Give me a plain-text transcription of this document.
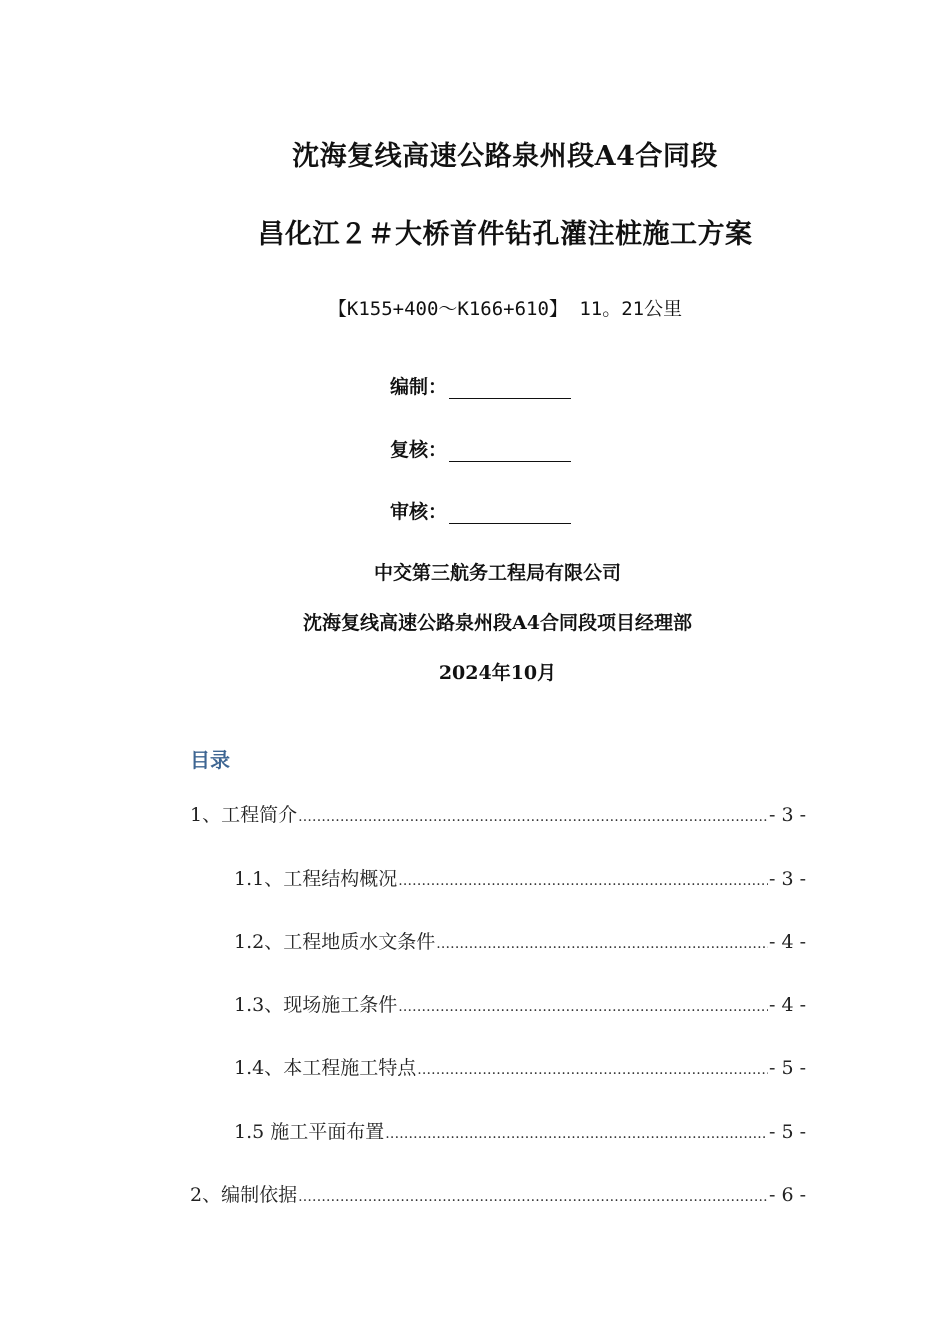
沈海复线高速公路泉州段A4合同段
昌化江２＃大桥首件钻孔灌注桩施工方案
【K155+400～K166+610】 11。21公里
编制：
复核：
审核：
中交第三航务工程局有限公司
沈海复线高速公路泉州段A4合同段项目经理部
2024年10月
目录
1、工程简介 .....	- 3 -
1.1、工程结构概况 .....	- 3 -
1.2、工程地质水文条件 .....	- 4 -
1.3、现场施工条件 .....	- 4 -
1.4、本工程施工特点 .....	- 5 -
1.5 施工平面布置 .....	- 5 -
2、编制依据 .....	- 6 -
